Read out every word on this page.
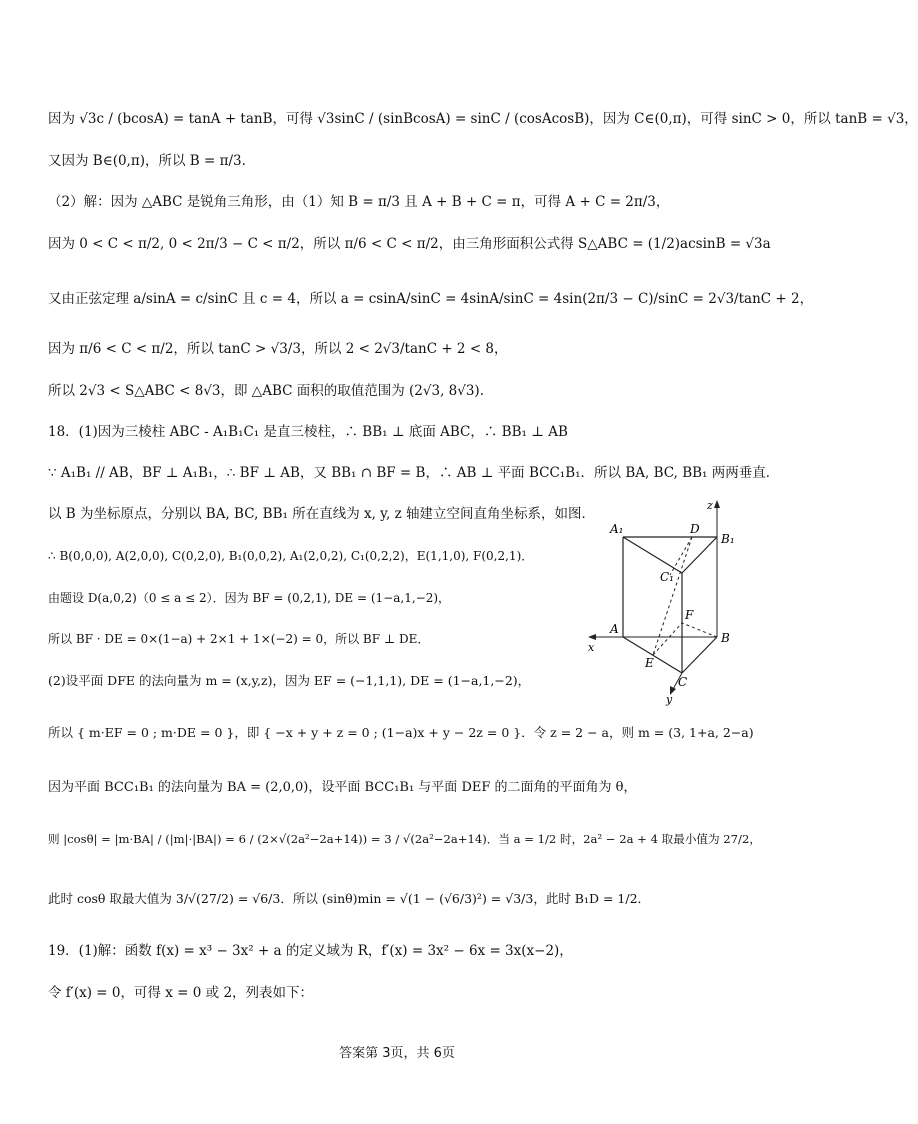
因为 √3c / (bcosA) = tanA + tanB，可得 √3sinC / (sinBcosA) = sinC / (cosAcosB)，因为 C∈(0,π)，可得 sinC > 0，所以 tanB = √3，
又因为 B∈(0,π)，所以 B = π/3.
（2）解：因为 △ABC 是锐角三角形，由（1）知 B = π/3 且 A + B + C = π，可得 A + C = 2π/3，
因为 0 < C < π/2, 0 < 2π/3 − C < π/2，所以 π/6 < C < π/2，由三角形面积公式得 S△ABC = (1/2)acsinB = √3a
又由正弦定理 a/sinA = c/sinC 且 c = 4，所以 a = csinA/sinC = 4sinA/sinC = 4sin(2π/3 − C)/sinC = 2√3/tanC + 2，
因为 π/6 < C < π/2，所以 tanC > √3/3，所以 2 < 2√3/tanC + 2 < 8，
所以 2√3 < S△ABC < 8√3，即 △ABC 面积的取值范围为 (2√3, 8√3).
18．(1)因为三棱柱 ABC - A₁B₁C₁ 是直三棱柱，∴ BB₁ ⊥ 底面 ABC，∴ BB₁ ⊥ AB
∵ A₁B₁ // AB，BF ⊥ A₁B₁，∴ BF ⊥ AB，又 BB₁ ∩ BF = B，∴ AB ⊥ 平面 BCC₁B₁．所以 BA, BC, BB₁ 两两垂直．
以 B 为坐标原点，分别以 BA, BC, BB₁ 所在直线为 x, y, z 轴建立空间直角坐标系，如图．
∴ B(0,0,0), A(2,0,0), C(0,2,0), B₁(0,0,2), A₁(2,0,2), C₁(0,2,2)，E(1,1,0), F(0,2,1)．
由题设 D(a,0,2)（0 ≤ a ≤ 2）．因为 BF = (0,2,1), DE = (1−a,1,−2)，
所以 BF · DE = 0×(1−a) + 2×1 + 1×(−2) = 0，所以 BF ⊥ DE．
(2)设平面 DFE 的法向量为 m = (x,y,z)，因为 EF = (−1,1,1), DE = (1−a,1,−2)，
所以 { m·EF = 0 ; m·DE = 0 }，即 { −x + y + z = 0 ; (1−a)x + y − 2z = 0 }．令 z = 2 − a，则 m = (3, 1+a, 2−a)
因为平面 BCC₁B₁ 的法向量为 BA = (2,0,0)，设平面 BCC₁B₁ 与平面 DEF 的二面角的平面角为 θ，
则 |cosθ| = |m·BA| / (|m|·|BA|) = 6 / (2×√(2a²−2a+14)) = 3 / √(2a²−2a+14)．当 a = 1/2 时，2a² − 2a + 4 取最小值为 27/2，
此时 cosθ 取最大值为 3/√(27/2) = √6/3．所以 (sinθ)min = √(1 − (√6/3)²) = √3/3，此时 B₁D = 1/2．
19．(1)解：函数 f(x) = x³ − 3x² + a 的定义域为 R，f′(x) = 3x² − 6x = 3x(x−2)，
令 f′(x) = 0，可得 x = 0 或 2，列表如下：
A₁	D
B₁
C₁
F
A
B
E
C
x
y
z
答案第 3页，共 6页
